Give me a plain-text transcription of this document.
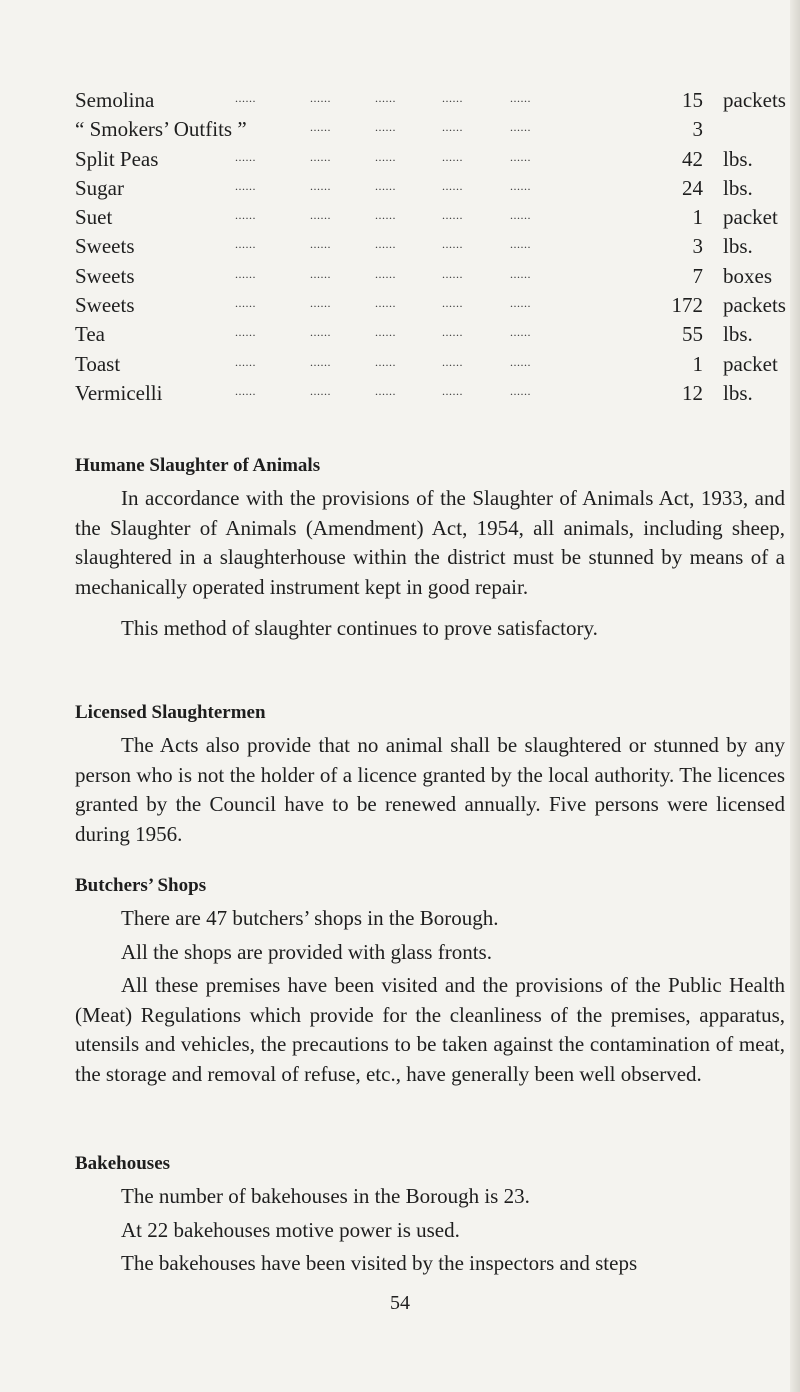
Semolina	......	......	......	......	......	15 packets
“ Smokers’ Outfits ”	......	......	......	......	3
Split Peas	......	......	......	......	......	42 lbs.
Sugar	......	......	......	......	......	24 lbs.
Suet	......	......	......	......	......	1 packet
Sweets	......	......	......	......	......	3 lbs.
Sweets	......	......	......	......	......	7 boxes
Sweets	......	......	......	......	......	172 packets
Tea	......	......	......	......	......	55 lbs.
Toast	......	......	......	......	......	1 packet
Vermicelli	......	......	......	......	......	12 lbs.
Humane Slaughter of Animals

In accordance with the provisions of the Slaughter of Animals Act, 1933, and the Slaughter of Animals (Amendment) Act, 1954, all animals, including sheep, slaughtered in a slaughterhouse within the district must be stunned by means of a mechanically operated instrument kept in good repair.

This method of slaughter continues to prove satisfactory.

Licensed Slaughtermen

The Acts also provide that no animal shall be slaughtered or stunned by any person who is not the holder of a licence granted by the local authority. The licences granted by the Council have to be renewed annually. Five persons were licensed during 1956.

Butchers’ Shops

There are 47 butchers’ shops in the Borough.

All the shops are provided with glass fronts.

All these premises have been visited and the provisions of the Public Health (Meat) Regulations which provide for the cleanliness of the premises, apparatus, utensils and vehicles, the precautions to be taken against the contamination of meat, the storage and removal of refuse, etc., have generally been well observed.

Bakehouses

The number of bakehouses in the Borough is 23.

At 22 bakehouses motive power is used.

The bakehouses have been visited by the inspectors and steps

54
